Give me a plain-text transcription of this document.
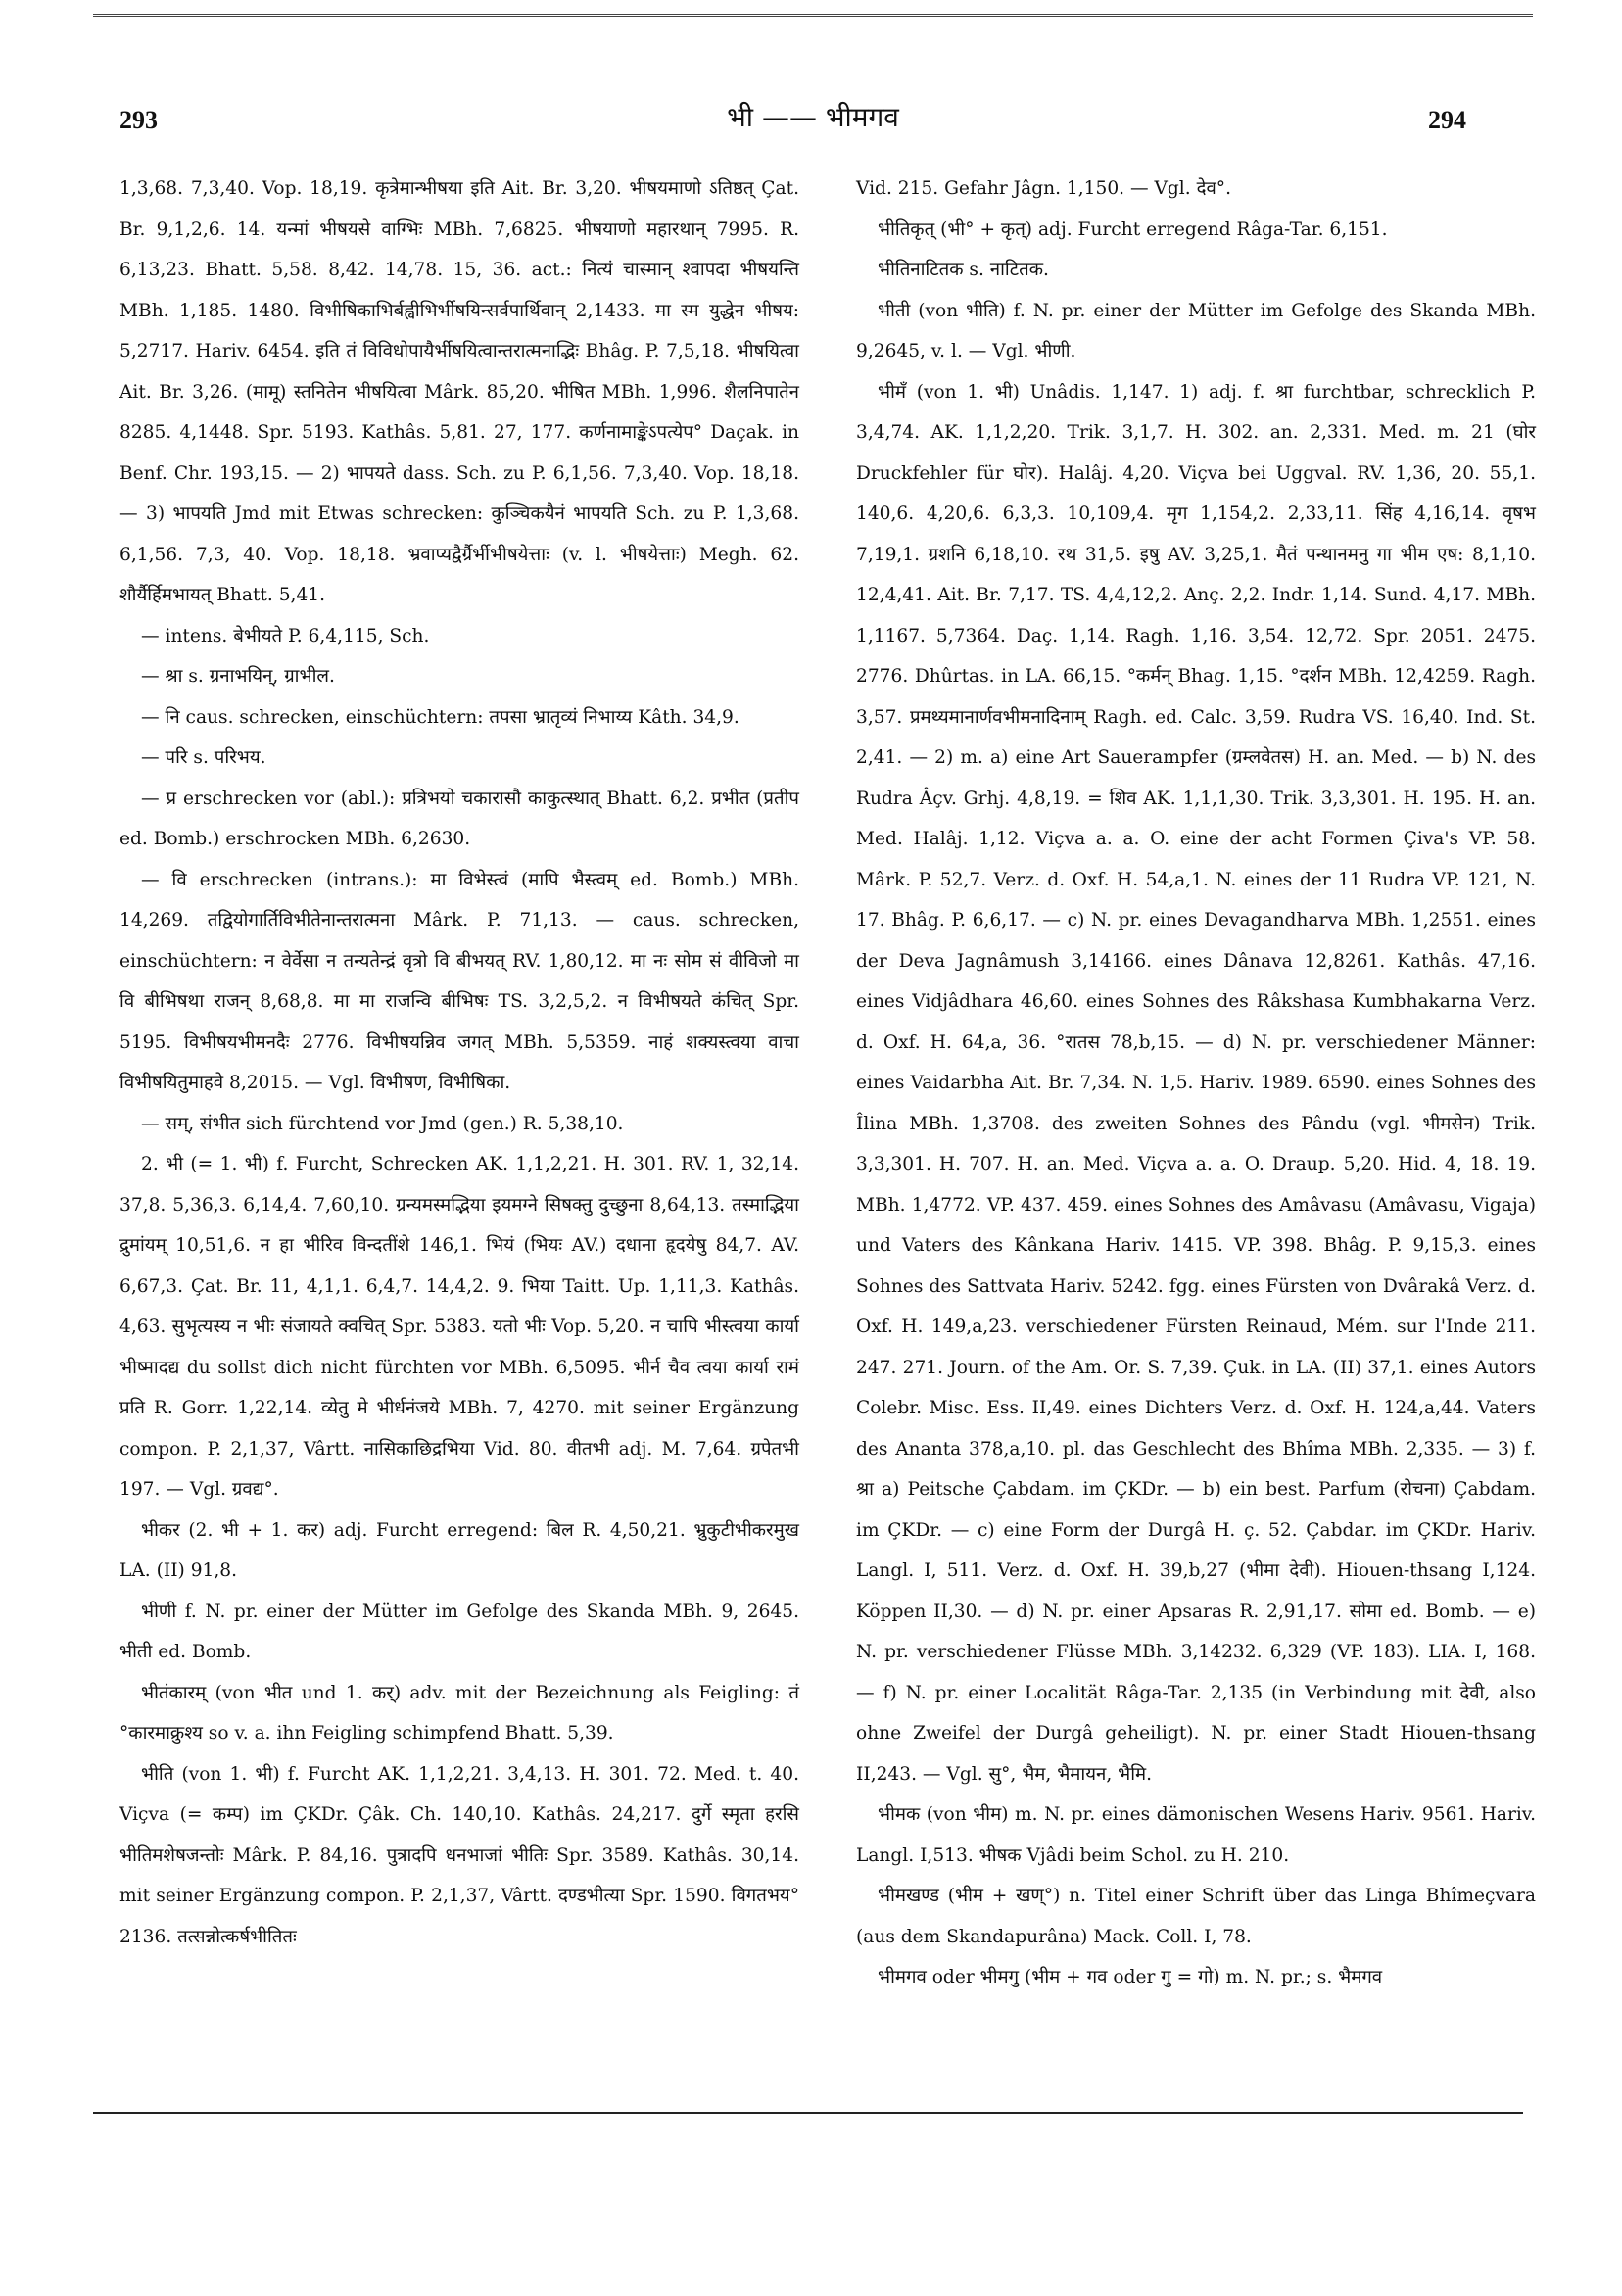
293	भी —— भीमगव	294

1,3,68. 7,3,40. Vop. 18,19. कृत्रेमान्भीषया इति Ait. Br. 3,20. भीषयमाणो ऽतिष्ठत् Çat. Br. 9,1,2,6. 14. यन्मां भीषयसे वाग्भिः MBh. 7,6825. भीषयाणो महारथान् 7995. R. 6,13,23. Bhatt. 5,58. 8,42. 14,78. 15, 36. act.: नित्यं चास्मान् श्वापदा भीषयन्ति MBh. 1,185. 1480. विभीषिकाभिर्बह्वीभिर्भीषयिन्सर्वपार्थिवान् 2,1433. मा स्म युद्धेन भीषय: 5,2717. Hariv. 6454. इति तं विविधोपायैर्भीषयित्वान्तरात्मनाद्भिः Bhâg. P. 7,5,18. भीषयित्वा Ait. Br. 3,26. (मामू) स्तनितेन भीषयित्वा Mârk. 85,20. भीषित MBh. 1,996. शैलनिपातेन 8285. 4,1448. Spr. 5193. Kathâs. 5,81. 27, 177. कर्णनामाङ्केऽपत्येप° Daçak. in Benf. Chr. 193,15. — 2) भापयते dass. Sch. zu P. 6,1,56. 7,3,40. Vop. 18,18. — 3) भापयति Jmd mit Etwas schrecken: कुञ्चिकयैनं भापयति Sch. zu P. 1,3,68. 6,1,56. 7,3, 40. Vop. 18,18. भ्रवाप्यद्वैर्ग्रैर्भीभीषयेत्ताः (v. l. भीषयेत्ताः) Megh. 62. शौर्यैर्हिमभायत् Bhatt. 5,41.

— intens. बेभीयते P. 6,4,115, Sch.

— श्रा s. ग्रनाभयिन्, ग्राभील.

— नि caus. schrecken, einschüchtern: तपसा भ्रातृव्यं निभाय्य Kâth. 34,9.

— परि s. परिभय.

— प्र erschrecken vor (abl.): प्रत्रिभयो चकारासौ काकुत्स्थात् Bhatt. 6,2. प्रभीत (प्रतीप ed. Bomb.) erschrocken MBh. 6,2630.

— वि erschrecken (intrans.): मा विभेस्त्वं (मापि भैस्त्वम् ed. Bomb.) MBh. 14,269. तद्वियोगार्तिविभीतेनान्तरात्मना Mârk. P. 71,13. — caus. schrecken, einschüchtern: न वेर्वेसा न तन्यतेन्द्रं वृत्रो वि बीभयत् RV. 1,80,12. मा नः सोम सं वीविजो मा वि बीभिषथा राजन् 8,68,8. मा मा राजन्वि बीभिषः TS. 3,2,5,2. न विभीषयते कंचित् Spr. 5195. विभीषयभीमनदैः 2776. विभीषयन्निव जगत् MBh. 5,5359. नाहं शक्यस्त्वया वाचा विभीषयितुमाहवे 8,2015. — Vgl. विभीषण, विभीषिका.

— सम्, संभीत sich fürchtend vor Jmd (gen.) R. 5,38,10.

2. भी (= 1. भी) f. Furcht, Schrecken AK. 1,1,2,21. H. 301. RV. 1, 32,14. 37,8. 5,36,3. 6,14,4. 7,60,10. ग्रन्यमस्मद्भिया इयमग्ने सिषक्तु दुच्छुना 8,64,13. तस्माद्भिया द्रुमांयम् 10,51,6. न हा भीरिव विन्दतींशे 146,1. भियं (भियः AV.) दधाना हृदयेषु 84,7. AV. 6,67,3. Çat. Br. 11, 4,1,1. 6,4,7. 14,4,2. 9. भिया Taitt. Up. 1,11,3. Kathâs. 4,63. सुभृत्यस्य न भीः संजायते क्वचित् Spr. 5383. यतो भीः Vop. 5,20. न चापि भीस्त्वया कार्या भीष्मादद्य du sollst dich nicht fürchten vor MBh. 6,5095. भीर्न चैव त्वया कार्या रामं प्रति R. Gorr. 1,22,14. व्येतु मे भीर्धनंजये MBh. 7, 4270. mit seiner Ergänzung compon. P. 2,1,37, Vârtt. नासिकाछिद्रभिया Vid. 80. वीतभी adj. M. 7,64. ग्रपेतभी 197. — Vgl. ग्रवद्य°.

भीकर (2. भी + 1. कर) adj. Furcht erregend: बिल R. 4,50,21. भ्रुकुटीभीकरमुख LA. (II) 91,8.

भीणी f. N. pr. einer der Mütter im Gefolge des Skanda MBh. 9, 2645. भीती ed. Bomb.

भीतंकारम् (von भीत und 1. कर्) adv. mit der Bezeichnung als Feigling: तं °कारमाक्रुश्य so v. a. ihn Feigling schimpfend Bhatt. 5,39.

भीति (von 1. भी) f. Furcht AK. 1,1,2,21. 3,4,13. H. 301. 72. Med. t. 40. Viçva (= कम्प) im ÇKDr. Çâk. Ch. 140,10. Kathâs. 24,217. दुर्गे स्मृता हरसि भीतिमशेषजन्तोः Mârk. P. 84,16. पुत्रादपि धनभाजां भीतिः Spr. 3589. Kathâs. 30,14. mit seiner Ergänzung compon. P. 2,1,37, Vârtt. दण्डभीत्या Spr. 1590. विगतभय° 2136. तत्सन्नोत्कर्षभीतितः

Vid. 215. Gefahr Jâgn. 1,150. — Vgl. देव°.

भीतिकृत् (भी° + कृत्) adj. Furcht erregend Râga-Tar. 6,151.

भीतिनाटितक s. नाटितक.

भीती (von भीति) f. N. pr. einer der Mütter im Gefolge des Skanda MBh. 9,2645, v. l. — Vgl. भीणी.

भीमँ (von 1. भी) Unâdis. 1,147. 1) adj. f. श्रा furchtbar, schrecklich P. 3,4,74. AK. 1,1,2,20. Trik. 3,1,7. H. 302. an. 2,331. Med. m. 21 (घोर Druckfehler für घोर). Halâj. 4,20. Viçva bei Uggval. RV. 1,36, 20. 55,1. 140,6. 4,20,6. 6,3,3. 10,109,4. मृग 1,154,2. 2,33,11. सिंह 4,16,14. वृषभ 7,19,1. ग्रशनि 6,18,10. रथ 31,5. इषु AV. 3,25,1. मैतं पन्थानमनु गा भीम एष: 8,1,10. 12,4,41. Ait. Br. 7,17. TS. 4,4,12,2. Anç. 2,2. Indr. 1,14. Sund. 4,17. MBh. 1,1167. 5,7364. Daç. 1,14. Ragh. 1,16. 3,54. 12,72. Spr. 2051. 2475. 2776. Dhûrtas. in LA. 66,15. °कर्मन् Bhag. 1,15. °दर्शन MBh. 12,4259. Ragh. 3,57. प्रमथ्यमानार्णवभीमनादिनाम् Ragh. ed. Calc. 3,59. Rudra VS. 16,40. Ind. St. 2,41. — 2) m. a) eine Art Sauerampfer (ग्रम्लवेतस) H. an. Med. — b) N. des Rudra Âçv. Grhj. 4,8,19. = शिव AK. 1,1,1,30. Trik. 3,3,301. H. 195. H. an. Med. Halâj. 1,12. Viçva a. a. O. eine der acht Formen Çiva's VP. 58. Mârk. P. 52,7. Verz. d. Oxf. H. 54,a,1. N. eines der 11 Rudra VP. 121, N. 17. Bhâg. P. 6,6,17. — c) N. pr. eines Devagandharva MBh. 1,2551. eines der Deva Jagnâmush 3,14166. eines Dânava 12,8261. Kathâs. 47,16. eines Vidjâdhara 46,60. eines Sohnes des Râkshasa Kumbhakarna Verz. d. Oxf. H. 64,a, 36. °रातस 78,b,15. — d) N. pr. verschiedener Männer: eines Vaidarbha Ait. Br. 7,34. N. 1,5. Hariv. 1989. 6590. eines Sohnes des Îlina MBh. 1,3708. des zweiten Sohnes des Pându (vgl. भीमसेन) Trik. 3,3,301. H. 707. H. an. Med. Viçva a. a. O. Draup. 5,20. Hid. 4, 18. 19. MBh. 1,4772. VP. 437. 459. eines Sohnes des Amâvasu (Amâvasu, Vigaja) und Vaters des Kânkana Hariv. 1415. VP. 398. Bhâg. P. 9,15,3. eines Sohnes des Sattvata Hariv. 5242. fgg. eines Fürsten von Dvârakâ Verz. d. Oxf. H. 149,a,23. verschiedener Fürsten Reinaud, Mém. sur l'Inde 211. 247. 271. Journ. of the Am. Or. S. 7,39. Çuk. in LA. (II) 37,1. eines Autors Colebr. Misc. Ess. II,49. eines Dichters Verz. d. Oxf. H. 124,a,44. Vaters des Ananta 378,a,10. pl. das Geschlecht des Bhîma MBh. 2,335. — 3) f. श्रा a) Peitsche Çabdam. im ÇKDr. — b) ein best. Parfum (रोचना) Çabdam. im ÇKDr. — c) eine Form der Durgâ H. ç. 52. Çabdar. im ÇKDr. Hariv. Langl. I, 511. Verz. d. Oxf. H. 39,b,27 (भीमा देवी). Hiouen-thsang I,124. Köppen II,30. — d) N. pr. einer Apsaras R. 2,91,17. सोमा ed. Bomb. — e) N. pr. verschiedener Flüsse MBh. 3,14232. 6,329 (VP. 183). LIA. I, 168. — f) N. pr. einer Localität Râga-Tar. 2,135 (in Verbindung mit देवी, also ohne Zweifel der Durgâ geheiligt). N. pr. einer Stadt Hiouen-thsang II,243. — Vgl. सु°, भैम, भैमायन, भैमि.

भीमक (von भीम) m. N. pr. eines dämonischen Wesens Hariv. 9561. Hariv. Langl. I,513. भीषक Vjâdi beim Schol. zu H. 210.

भीमखण्ड (भीम + खण्°) n. Titel einer Schrift über das Linga Bhîmeçvara (aus dem Skandapurâna) Mack. Coll. I, 78.

भीमगव oder भीमगु (भीम + गव oder गु = गो) m. N. pr.; s. भैमगव
